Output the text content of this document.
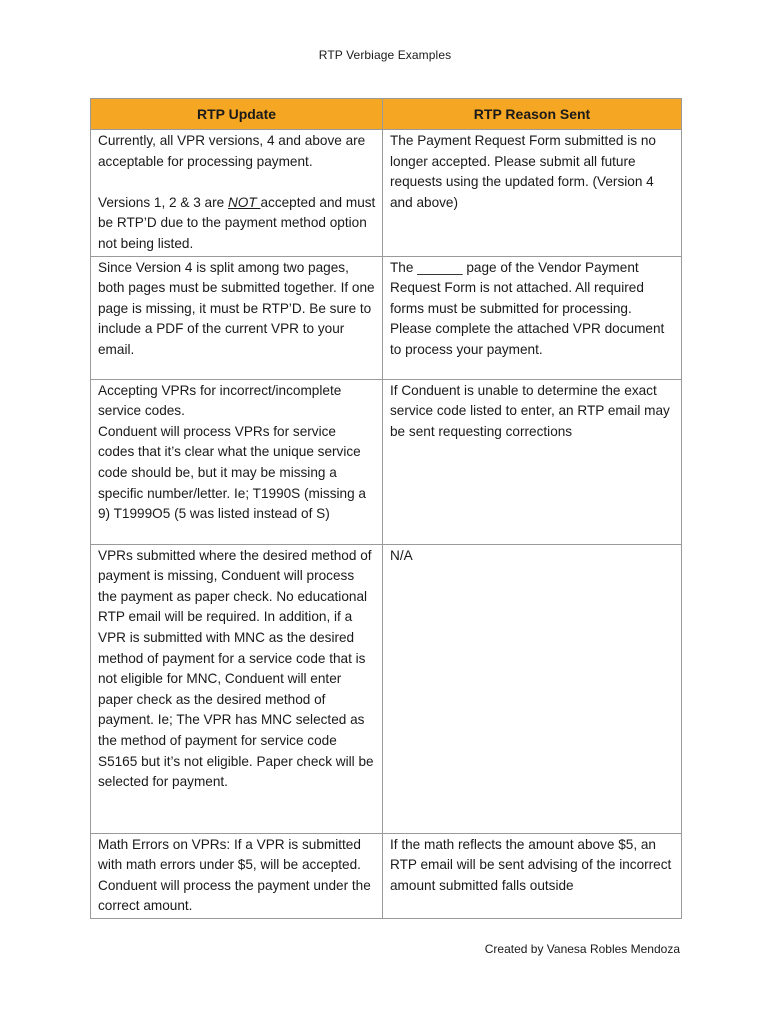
RTP Verbiage Examples
RTP Update	RTP Reason Sent

Currently, all VPR versions, 4 and above are acceptable for processing payment.
Versions 1, 2 & 3 are NOT accepted and must be RTP’D due to the payment method option not being listed.	The Payment Request Form submitted is no longer accepted. Please submit all future requests using the updated form. (Version 4 and above)
Since Version 4 is split among two pages, both pages must be submitted together. If one page is missing, it must be RTP’D. Be sure to include a PDF of the current VPR to your email.	The ______ page of the Vendor Payment Request Form is not attached. All required forms must be submitted for processing. Please complete the attached VPR document to process your payment.

Accepting VPRs for incorrect/incomplete service codes.
Conduent will process VPRs for service codes that it’s clear what the unique service code should be, but it may be missing a specific number/letter. Ie; T1990S (missing a 9) T1999O5 (5 was listed instead of S)	If Conduent is unable to determine the exact service code listed to enter, an RTP email may be sent requesting corrections
VPRs submitted where the desired method of payment is missing, Conduent will process the payment as paper check. No educational RTP email will be required. In addition, if a VPR is submitted with MNC as the desired method of payment for a service code that is not eligible for MNC, Conduent will enter paper check as the desired method of payment. Ie; The VPR has MNC selected as the method of payment for service code S5165 but it’s not eligible. Paper check will be selected for payment.	N/A
Math Errors on VPRs: If a VPR is submitted with math errors under $5, will be accepted. Conduent will process the payment under the correct amount.	If the math reflects the amount above $5, an RTP email will be sent advising of the incorrect amount submitted falls outside
Created by Vanesa Robles Mendoza
